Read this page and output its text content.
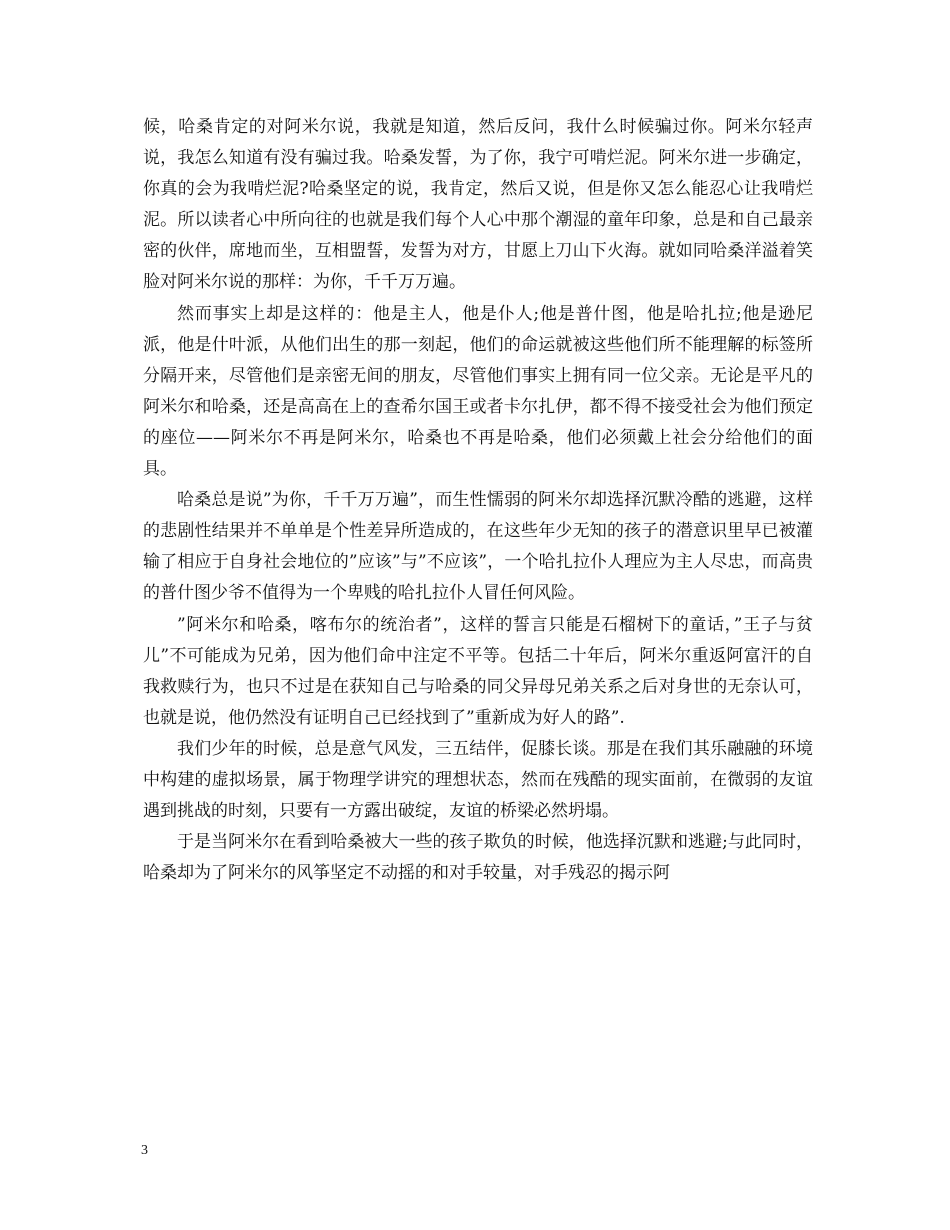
候，哈桑肯定的对阿米尔说，我就是知道，然后反问，我什么时候骗过你。阿米尔轻声说，我怎么知道有没有骗过我。哈桑发誓，为了你，我宁可啃烂泥。阿米尔进一步确定，你真的会为我啃烂泥?哈桑坚定的说，我肯定，然后又说，但是你又怎么能忍心让我啃烂泥。所以读者心中所向往的也就是我们每个人心中那个潮湿的童年印象，总是和自己最亲密的伙伴，席地而坐，互相盟誓，发誓为对方，甘愿上刀山下火海。就如同哈桑洋溢着笑脸对阿米尔说的那样：为你，千千万万遍。

然而事实上却是这样的：他是主人，他是仆人;他是普什图，他是哈扎拉;他是逊尼派，他是什叶派，从他们出生的那一刻起，他们的命运就被这些他们所不能理解的标签所分隔开来，尽管他们是亲密无间的朋友，尽管他们事实上拥有同一位父亲。无论是平凡的阿米尔和哈桑，还是高高在上的查希尔国王或者卡尔扎伊，都不得不接受社会为他们预定的座位——阿米尔不再是阿米尔，哈桑也不再是哈桑，他们必须戴上社会分给他们的面具。

哈桑总是说”为你，千千万万遍”，而生性懦弱的阿米尔却选择沉默冷酷的逃避，这样的悲剧性结果并不单单是个性差异所造成的，在这些年少无知的孩子的潜意识里早已被灌输了相应于自身社会地位的”应该”与”不应该”，一个哈扎拉仆人理应为主人尽忠，而高贵的普什图少爷不值得为一个卑贱的哈扎拉仆人冒任何风险。

”阿米尔和哈桑，喀布尔的统治者”，这样的誓言只能是石榴树下的童话，”王子与贫儿”不可能成为兄弟，因为他们命中注定不平等。包括二十年后，阿米尔重返阿富汗的自我救赎行为，也只不过是在获知自己与哈桑的同父异母兄弟关系之后对身世的无奈认可，也就是说，他仍然没有证明自己已经找到了”重新成为好人的路”.

我们少年的时候，总是意气风发，三五结伴，促膝长谈。那是在我们其乐融融的环境中构建的虚拟场景，属于物理学讲究的理想状态，然而在残酷的现实面前，在微弱的友谊遇到挑战的时刻，只要有一方露出破绽，友谊的桥梁必然坍塌。

于是当阿米尔在看到哈桑被大一些的孩子欺负的时候，他选择沉默和逃避;与此同时，哈桑却为了阿米尔的风筝坚定不动摇的和对手较量，对手残忍的揭示阿

3
